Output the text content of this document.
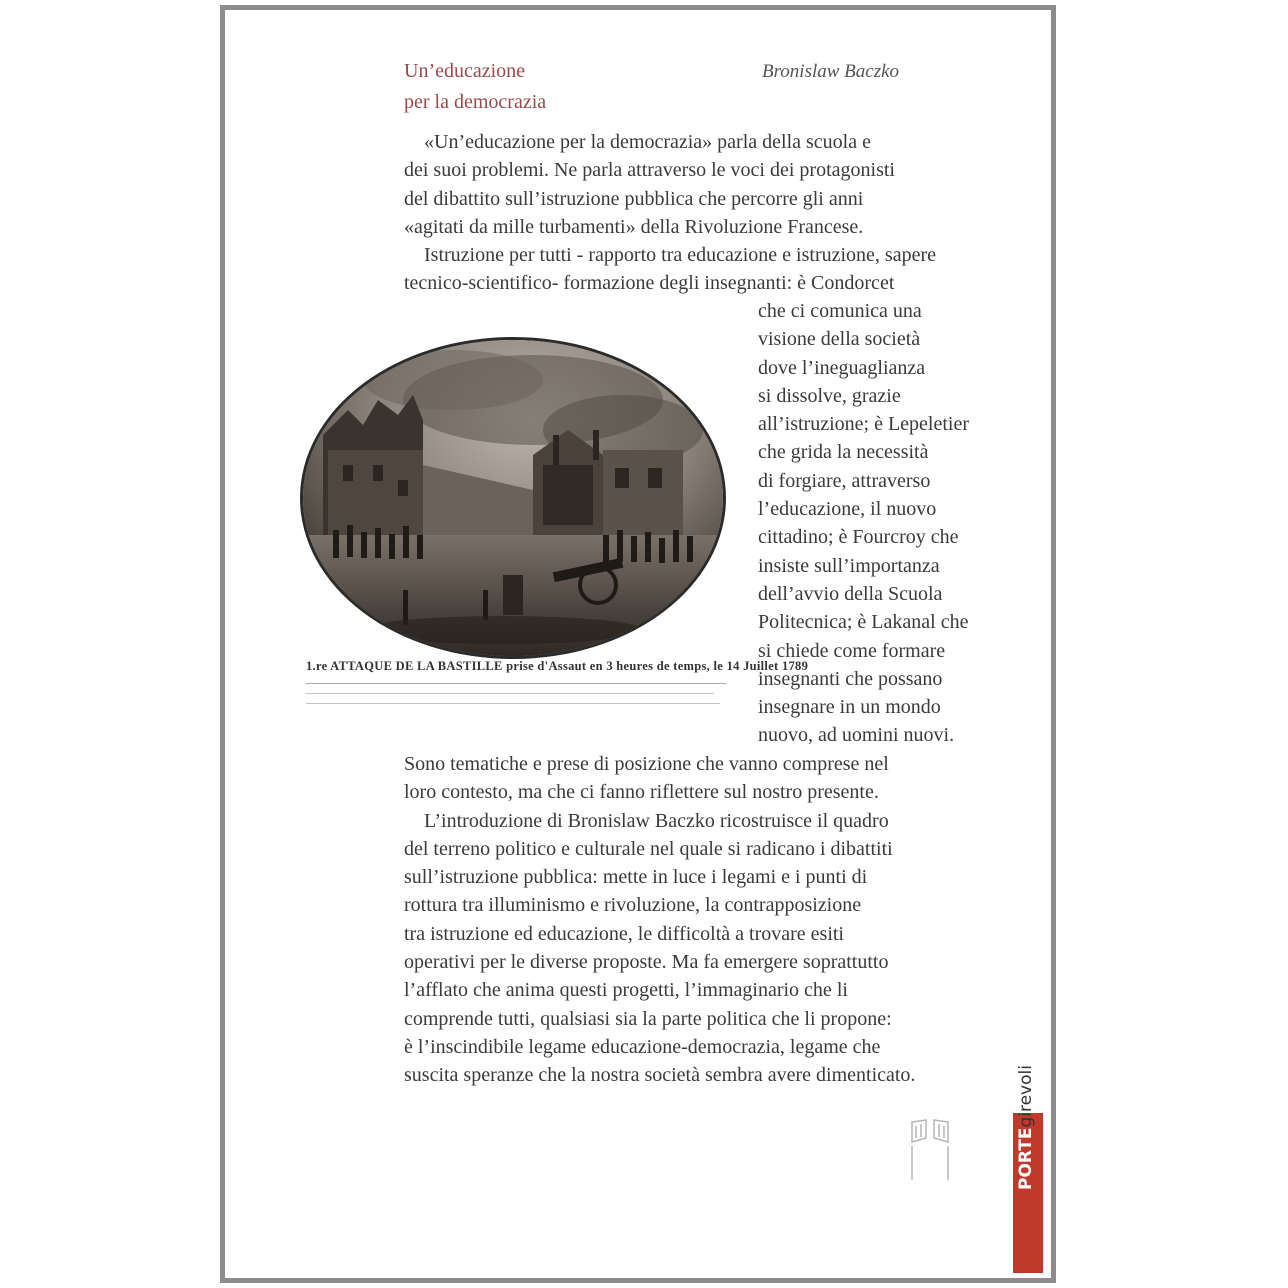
Un’educazione
per la democrazia
Bronislaw Baczko
«Un’educazione per la democrazia» parla della scuola e
dei suoi problemi. Ne parla attraverso le voci dei protagonisti
del dibattito sull’istruzione pubblica che percorre gli anni
«agitati da mille turbamenti» della Rivoluzione Francese.
Istruzione per tutti - rapporto tra educazione e istruzione, sapere
tecnico-scientifico- formazione degli insegnanti: è Condorcet
che ci comunica una
visione della società
dove l’ineguaglianza
si dissolve, grazie
all’istruzione; è Lepeletier
che grida la necessità
di forgiare, attraverso
l’educazione, il nuovo
cittadino; è Fourcroy che
insiste sull’importanza
dell’avvio della Scuola
Politecnica; è Lakanal che
si chiede come formare
insegnanti che possano
insegnare in un mondo
nuovo, ad uomini nuovi.
1.re ATTAQUE DE LA BASTILLE prise d'Assaut en 3 heures de temps, le 14 Juillet 1789
Sono tematiche e prese di posizione che vanno comprese nel
loro contesto, ma che ci fanno riflettere sul nostro presente.
L’introduzione di Bronislaw Baczko ricostruisce il quadro
del terreno politico e culturale nel quale si radicano i dibattiti
sull’istruzione pubblica: mette in luce i legami e i punti di
rottura tra illuminismo e rivoluzione, la contrapposizione
tra istruzione ed educazione, le difficoltà a trovare esiti
operativi per le diverse proposte. Ma fa emergere soprattutto
l’afflato che anima questi progetti, l’immaginario che li
comprende tutti, qualsiasi sia la parte politica che li propone:
è l’inscindibile legame educazione-democrazia, legame che
suscita speranze che la nostra società sembra avere dimenticato.
PORTEgirevoli
